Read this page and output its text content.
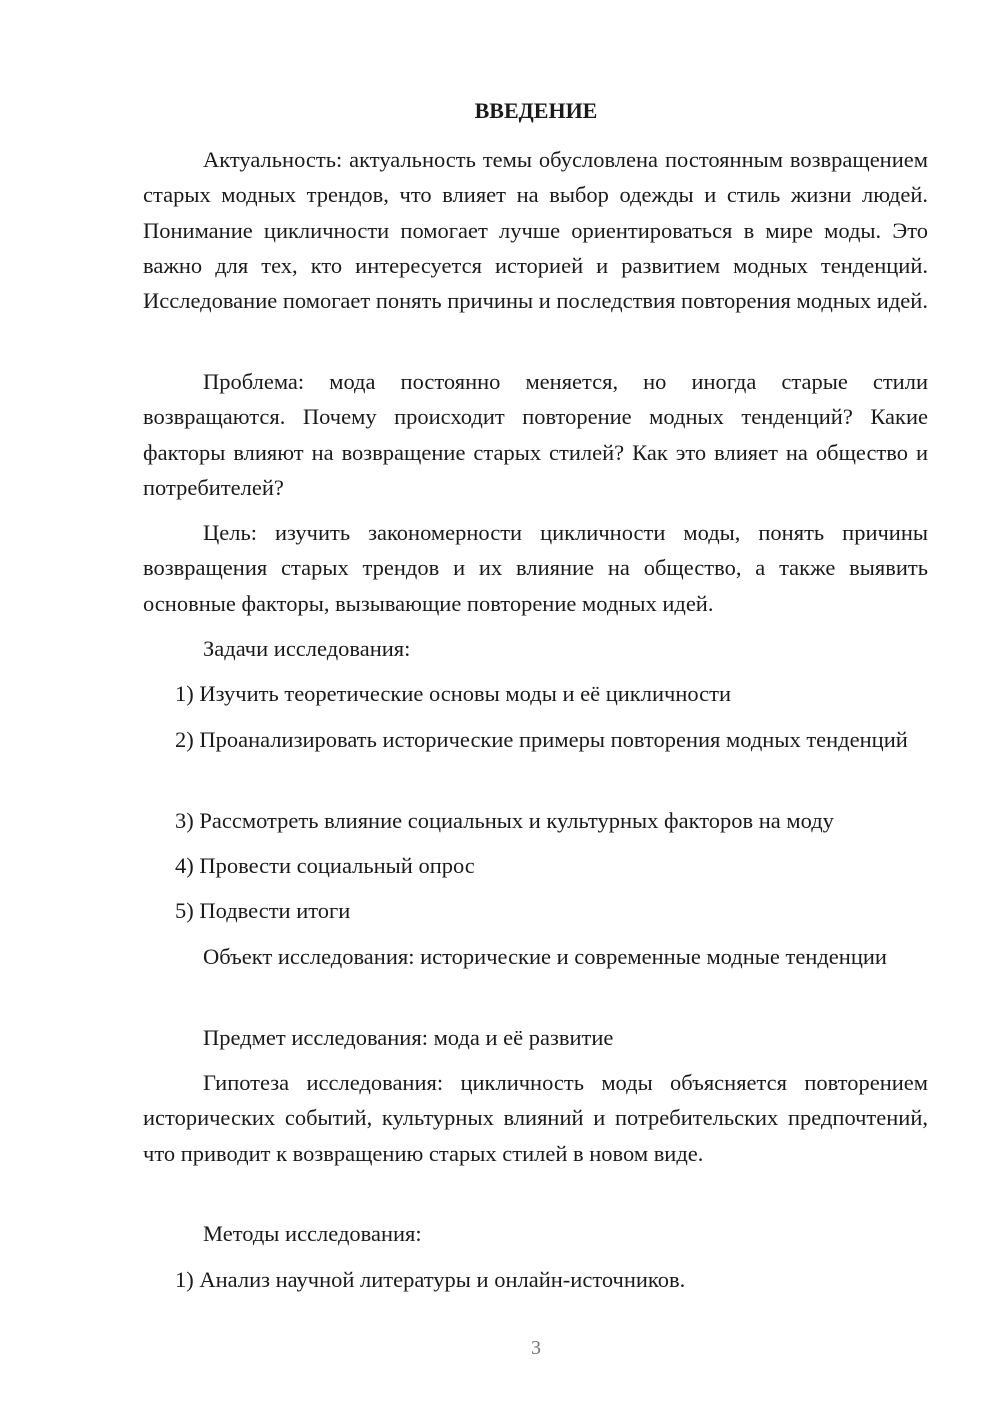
ВВЕДЕНИЕ

Актуальность: актуальность темы обусловлена постоянным возвращением старых модных трендов, что влияет на выбор одежды и стиль жизни людей. Понимание цикличности помогает лучше ориентироваться в мире моды. Это важно для тех, кто интересуется историей и развитием модных тенденций. Исследование помогает понять причины и последствия повторения модных идей.

Проблема: мода постоянно меняется, но иногда старые стили возвращаются. Почему происходит повторение модных тенденций? Какие факторы влияют на возвращение старых стилей? Как это влияет на общество и потребителей?

Цель: изучить закономерности цикличности моды, понять причины возвращения старых трендов и их влияние на общество, а также выявить основные факторы, вызывающие повторение модных идей.

Задачи исследования:

1) Изучить теоретические основы моды и её цикличности

2) Проанализировать исторические примеры повторения модных тенденций

3) Рассмотреть влияние социальных и культурных факторов на моду

4) Провести социальный опрос

5) Подвести итоги

Объект исследования: исторические и современные модные тенденции

Предмет исследования: мода и её развитие

Гипотеза исследования: цикличность моды объясняется повторением исторических событий, культурных влияний и потребительских предпочтений, что приводит к возвращению старых стилей в новом виде.

Методы исследования:

1) Анализ научной литературы и онлайн-источников.

3
